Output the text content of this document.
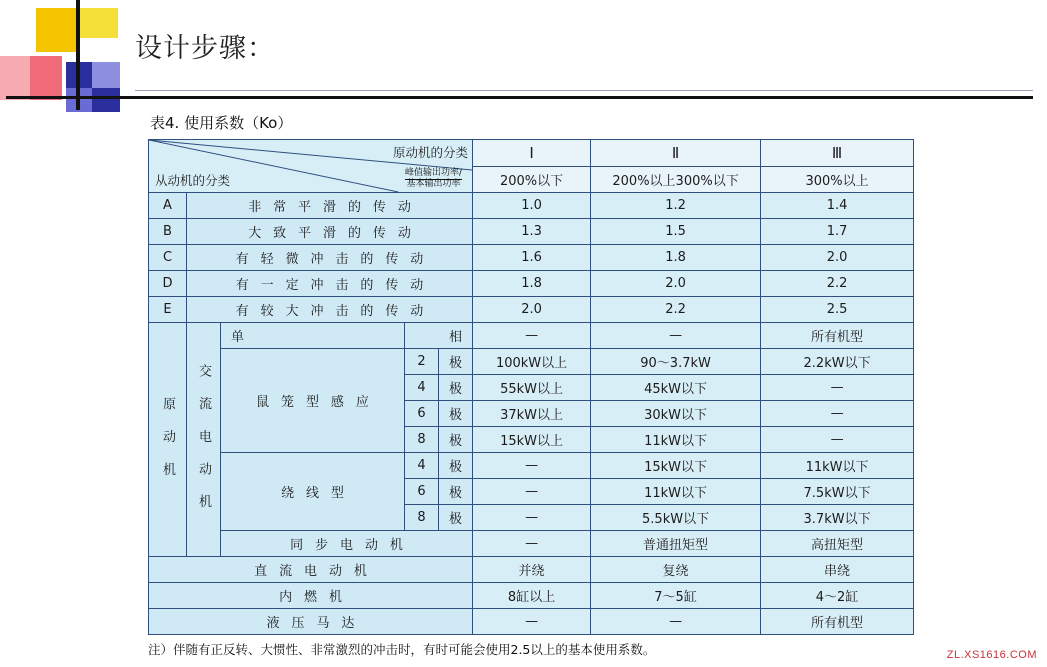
设计步骤：
表4. 使用系数（Ko）
原动机的分类
从动机的分类 峰值输出功率/
基本输出功率					Ⅰ	Ⅱ	Ⅲ
					200%以下	200%以上300%以下	300%以上
A	非 常 平 滑 的 传 动				1.0	1.2	1.4
B	大 致 平 滑 的 传 动				1.3	1.5	1.7
C	有 轻 微 冲 击 的 传 动				1.6	1.8	2.0
D	有 一 定 冲 击 的 传 动				1.8	2.0	2.2
E	有 较 大 冲 击 的 传 动				2.0	2.2	2.5
原 动 机	交 流 电 动 机	单	相		—	—	所有机型
		鼠 笼 型 感 应	2	极	100kW以上	90～3.7kW	2.2kW以下
			4	极	55kW以上	45kW以下	—
			6	极	37kW以上	30kW以下	—
			8	极	15kW以上	11kW以下	—
		绕 线 型	4	极	—	15kW以下	11kW以下
			6	极	—	11kW以下	7.5kW以下
			8	极	—	5.5kW以下	3.7kW以下
		同 步 电 动 机			—	普通扭矩型	高扭矩型
直 流 电 动 机					并绕	复绕	串绕
内 燃 机					8缸以上	7～5缸	4～2缸
液 压 马 达					—	—	所有机型
注）伴随有正反转、大惯性、非常激烈的冲击时，有时可能会使用2.5以上的基本使用系数。	ZL.XS1616.COM
